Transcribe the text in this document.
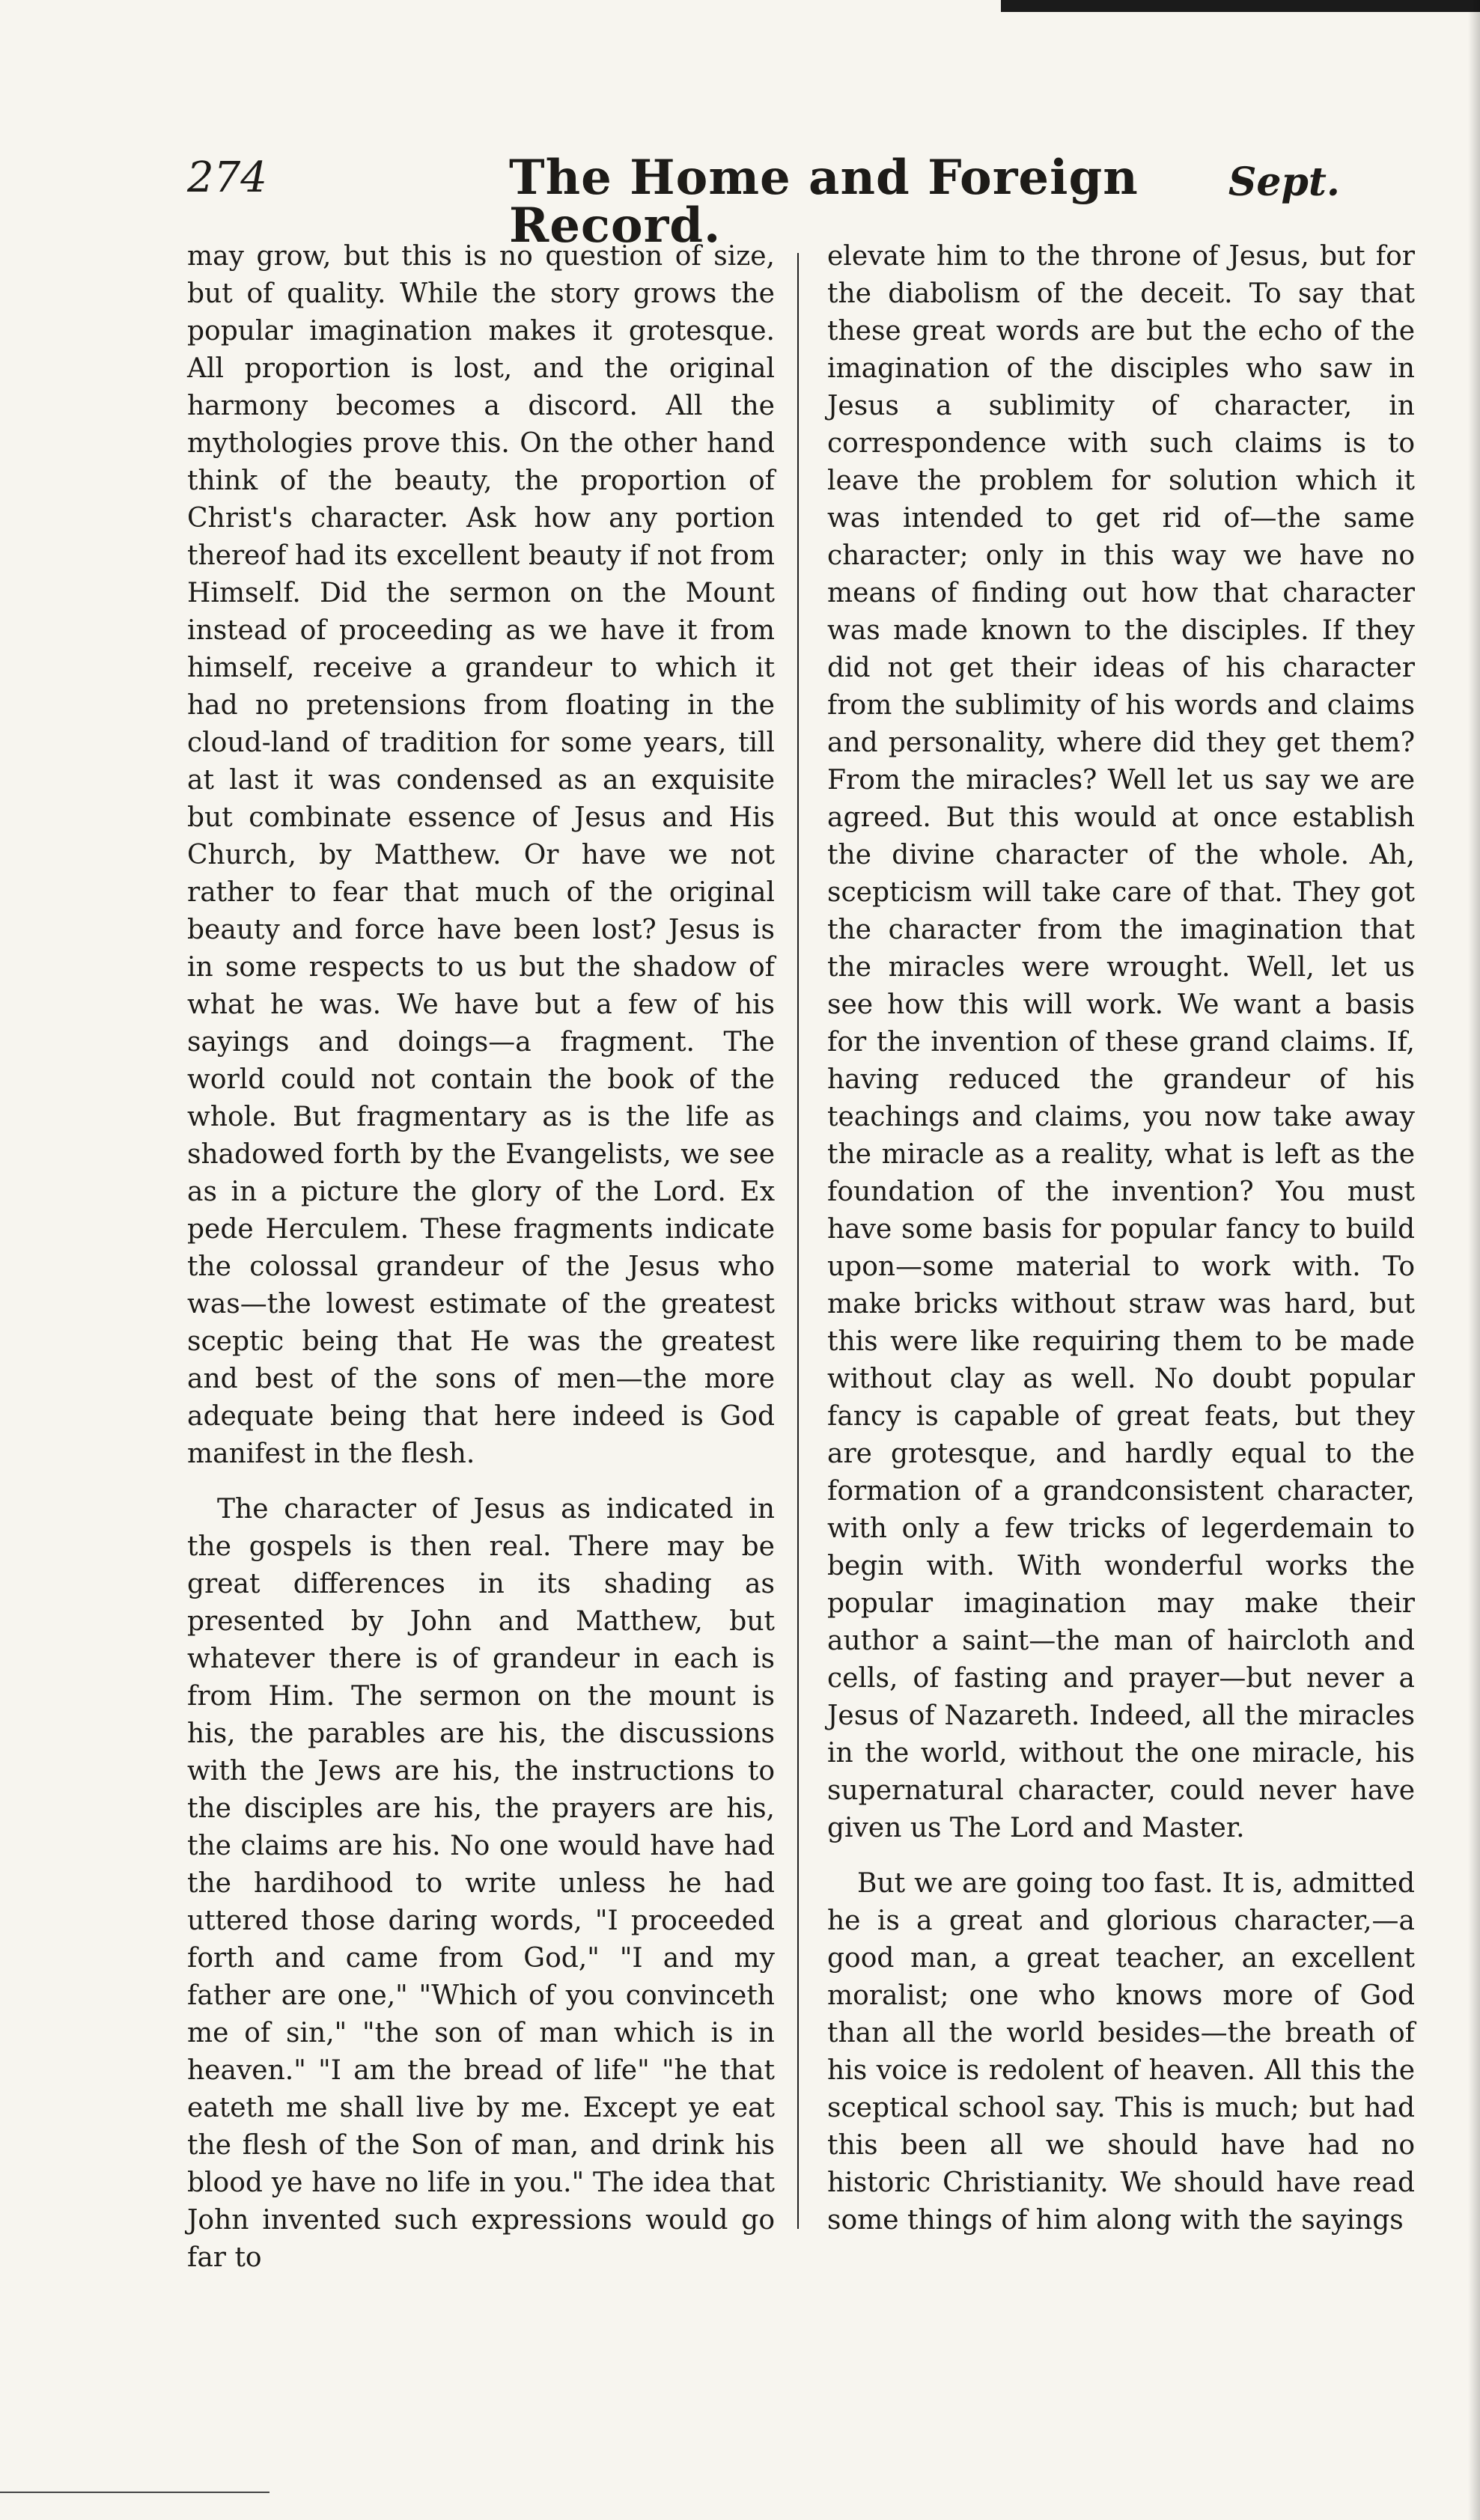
274	The Home and Foreign Record.
Sept.

may grow, but this is no question of size, but of quality. While the story grows the popular imagination makes it grotesque. All proportion is lost, and the original harmony becomes a discord. All the mythologies prove this. On the other hand think of the beauty, the proportion of Christ's character. Ask how any portion thereof had its excellent beauty if not from Himself. Did the sermon on the Mount instead of proceeding as we have it from himself, receive a grandeur to which it had no pretensions from floating in the cloud-land of tradition for some years, till at last it was condensed as an exquisite but combinate essence of Jesus and His Church, by Matthew. Or have we not rather to fear that much of the original beauty and force have been lost? Jesus is in some respects to us but the shadow of what he was. We have but a few of his sayings and doings—a fragment. The world could not contain the book of the whole. But fragmentary as is the life as shadowed forth by the Evangelists, we see as in a picture the glory of the Lord. Ex pede Herculem. These fragments indicate the colossal grandeur of the Jesus who was—the lowest estimate of the greatest sceptic being that He was the greatest and best of the sons of men—the more adequate being that here indeed is God manifest in the flesh.

The character of Jesus as indicated in the gospels is then real. There may be great differences in its shading as presented by John and Matthew, but whatever there is of grandeur in each is from Him. The sermon on the mount is his, the parables are his, the discussions with the Jews are his, the instructions to the disciples are his, the prayers are his, the claims are his. No one would have had the hardihood to write unless he had uttered those daring words, "I proceeded forth and came from God," "I and my father are one," "Which of you convinceth me of sin," "the son of man which is in heaven." "I am the bread of life" "he that eateth me shall live by me. Except ye eat the flesh of the Son of man, and drink his blood ye have no life in you." The idea that John invented such expressions would go far to

elevate him to the throne of Jesus, but for the diabolism of the deceit. To say that these great words are but the echo of the imagination of the disciples who saw in Jesus a sublimity of character, in correspondence with such claims is to leave the problem for solution which it was intended to get rid of—the same character; only in this way we have no means of finding out how that character was made known to the disciples. If they did not get their ideas of his character from the sublimity of his words and claims and personality, where did they get them? From the miracles? Well let us say we are agreed. But this would at once establish the divine character of the whole. Ah, scepticism will take care of that. They got the character from the imagination that the miracles were wrought. Well, let us see how this will work. We want a basis for the invention of these grand claims. If, having reduced the grandeur of his teachings and claims, you now take away the miracle as a reality, what is left as the foundation of the invention? You must have some basis for popular fancy to build upon—some material to work with. To make bricks without straw was hard, but this were like requiring them to be made without clay as well. No doubt popular fancy is capable of great feats, but they are grotesque, and hardly equal to the formation of a grandconsistent character, with only a few tricks of legerdemain to begin with. With wonderful works the popular imagination may make their author a saint—the man of haircloth and cells, of fasting and prayer—but never a Jesus of Nazareth. Indeed, all the miracles in the world, without the one miracle, his supernatural character, could never have given us The Lord and Master.

But we are going too fast. It is, admitted he is a great and glorious character,—a good man, a great teacher, an excellent moralist; one who knows more of God than all the world besides—the breath of his voice is redolent of heaven. All this the sceptical school say. This is much; but had this been all we should have had no historic Christianity. We should have read some things of him along with the sayings
